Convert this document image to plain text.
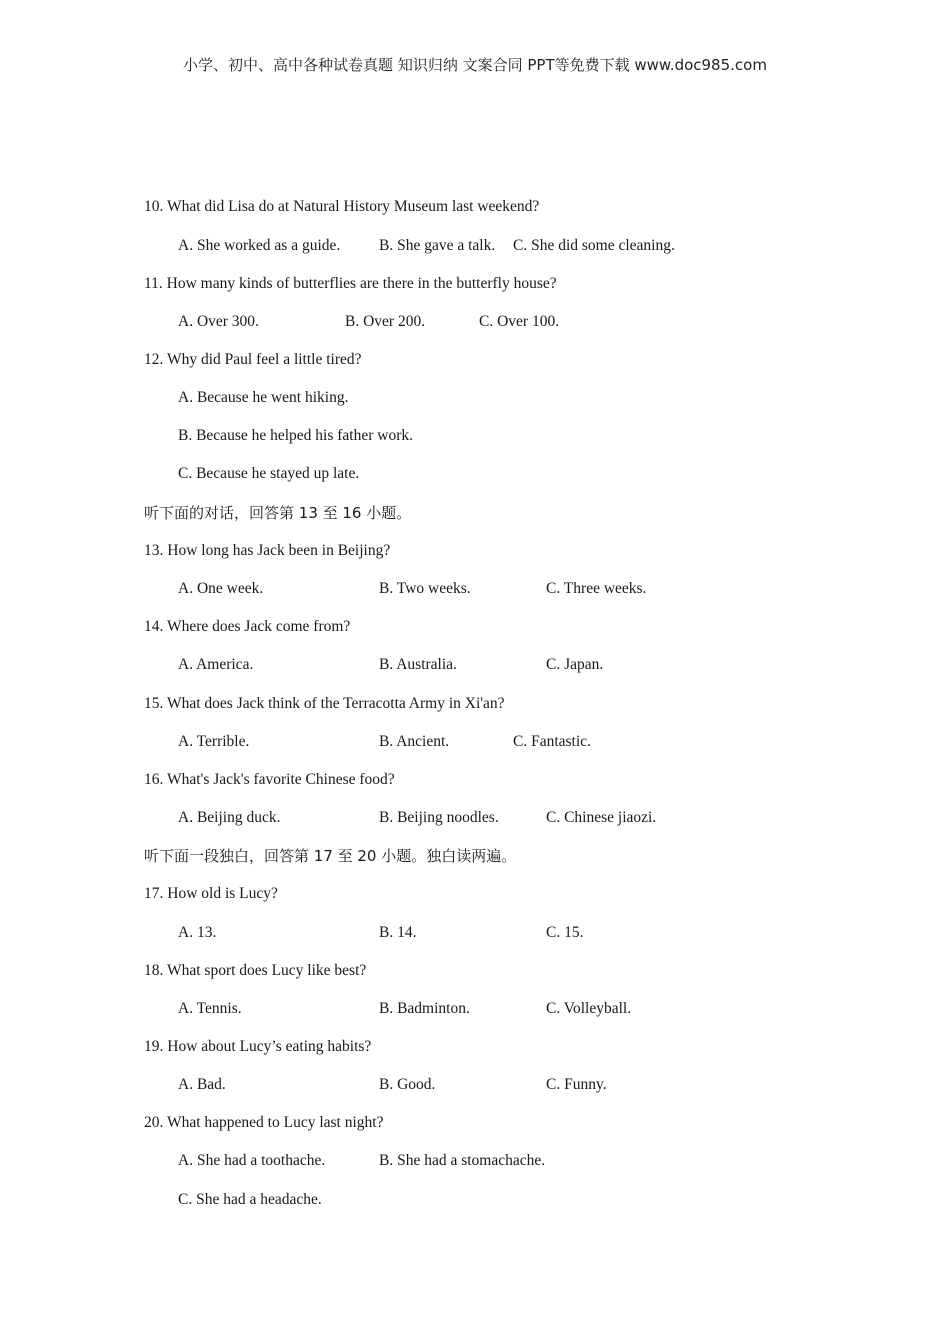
小学、初中、高中各种试卷真题 知识归纳 文案合同 PPT等免费下载 www.doc985.com
10. What did Lisa do at Natural History Museum last weekend?
A. She worked as a guide. B. She gave a talk. C. She did some cleaning.
11. How many kinds of butterflies are there in the butterfly house?
A. Over 300.	B. Over 200.	C. Over 100.
12. Why did Paul feel a little tired?
A. Because he went hiking.
B. Because he helped his father work.
C. Because he stayed up late.
听下面的对话，回答第 13 至 16 小题。
13. How long has Jack been in Beijing?
A. One week.	B. Two weeks.	C. Three weeks.
14. Where does Jack come from?
A. America.	B. Australia.	C. Japan.
15. What does Jack think of the Terracotta Army in Xi'an?
A. Terrible.	B. Ancient.	C. Fantastic.
16. What's Jack's favorite Chinese food?
A. Beijing duck.	B. Beijing noodles.	C. Chinese jiaozi.
听下面一段独白，回答第 17 至 20 小题。独白读两遍。
17. How old is Lucy?
A. 13.	B. 14.	C. 15.
18. What sport does Lucy like best?
A. Tennis.	B. Badminton.	C. Volleyball.
19. How about Lucy’s eating habits?
A. Bad.	B. Good.	C. Funny.
20. What happened to Lucy last night?
A. She had a toothache.	B. She had a stomachache.
C. She had a headache.
